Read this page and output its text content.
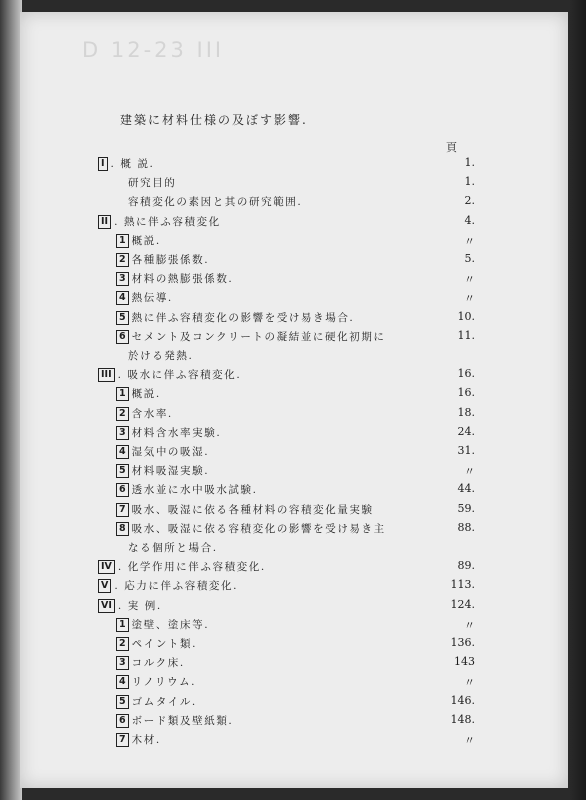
D 12-23 III
建築に材料仕様の及ぼす影響.
頁
I . 概 説.	1.
研究目的	1.
容積変化の素因と其の研究範囲.	2.
II . 熱に伴ふ容積変化	4.
1 概説.	〃
2 各種膨張係数.	5.
3 材料の熱膨張係数.	〃
4 熱伝導.	〃
5 熱に伴ふ容積変化の影響を受け易き場合.	10.
6 セメント及コンクリートの凝結並に硬化初期に	11.
於ける発熱.
III . 吸水に伴ふ容積変化.	16.
1 概説.	16.
2 含水率.	18.
3 材料含水率実験.	24.
4 湿気中の吸湿.	31.
5 材料吸湿実験.	〃
6 透水並に水中吸水試験.	44.
7 吸水、吸湿に依る各種材料の容積変化量実験	59.
8 吸水、吸湿に依る容積変化の影響を受け易き主	88.
なる個所と場合.
IV . 化学作用に伴ふ容積変化.	89.
V . 応力に伴ふ容積変化.	113.
VI . 実 例.	124.
1 塗壁、塗床等.	〃
2 ペイント類.	136.
3 コルク床.	143
4 リノリウム.	〃
5 ゴムタイル.	146.
6 ボード類及壁紙類.	148.
7 木材.	〃
